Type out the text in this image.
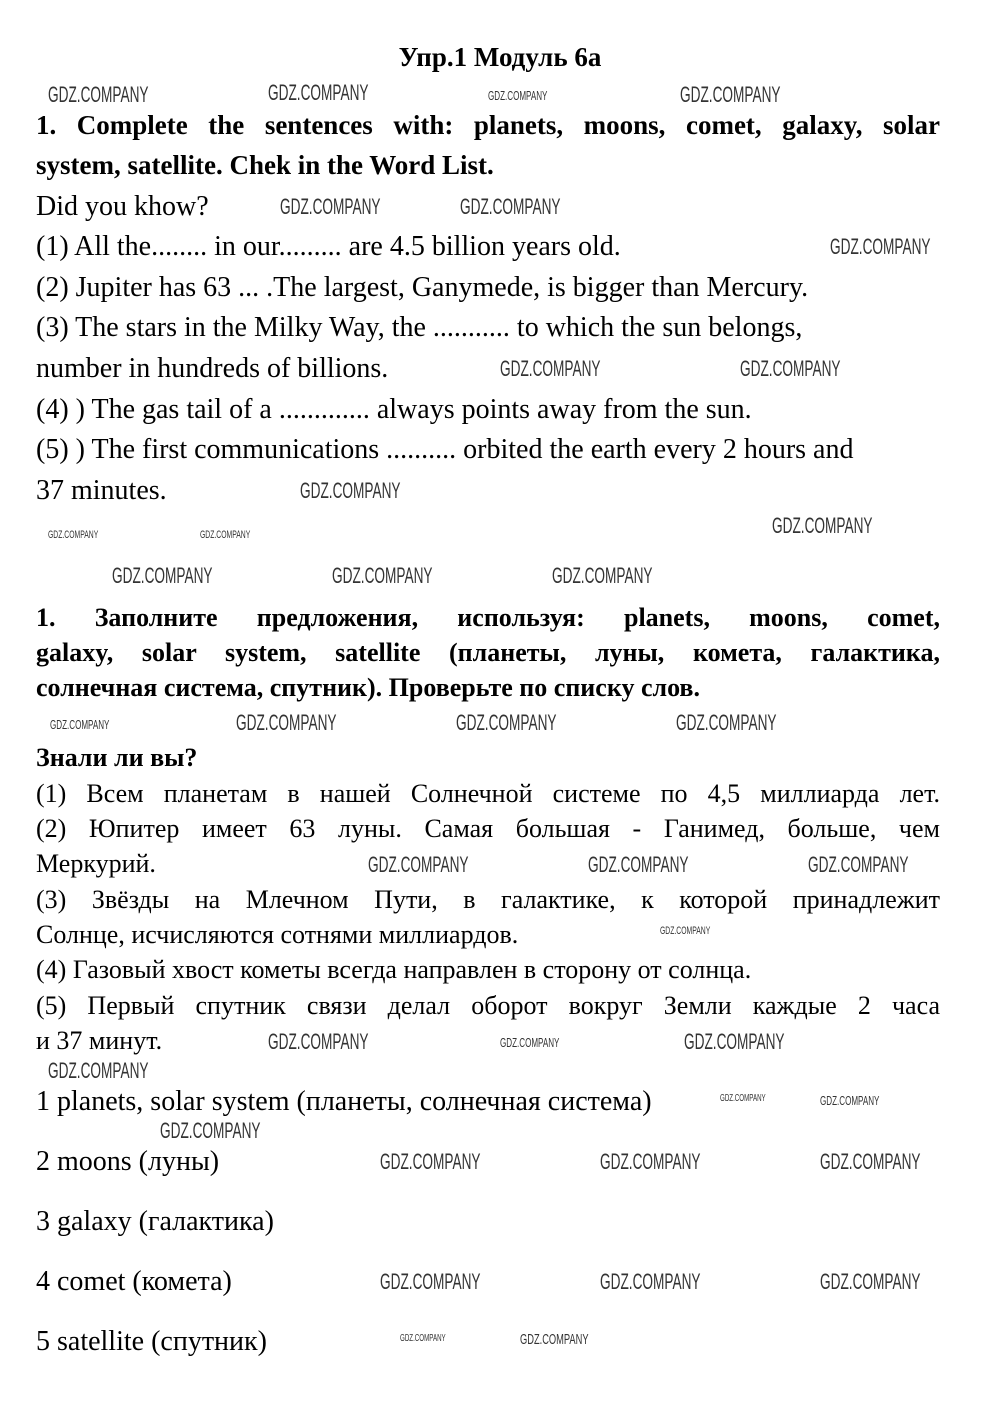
Упр.1 Модуль 6а
1. Complete the sentences with: planets, moons, comet, galaxy, solar
system, satellite. Chek in the Word List.
Did you khow?
(1) All the........ in our......... are 4.5 billion years old.
(2) Jupiter has 63 ... .The largest, Ganymede, is bigger than Mercury.
(3) The stars in the Milky Way, the ........... to which the sun belongs,
number in hundreds of billions.
(4) ) The gas tail of a ............. always points away from the sun.
(5) ) The first communications .......... orbited the earth every 2 hours and
37 minutes.
1. Заполните предложения, используя: planets, moons, comet,
galaxy, solar system, satellite (планеты, луны, комета, галактика,
солнечная система, спутник). Проверьте по списку слов.
Знали ли вы?
(1) Всем планетам в нашей Солнечной системе по 4,5 миллиарда лет.
(2) Юпитер имеет 63 луны. Самая большая - Ганимед, больше, чем
Меркурий.
(3) Звёзды на Млечном Пути, в галактике, к которой принадлежит
Солнце, исчисляются сотнями миллиардов.
(4) Газовый хвост кометы всегда направлен в сторону от солнца.
(5) Первый спутник связи делал оборот вокруг Земли каждые 2 часа
и 37 минут.
1 planets, solar system (планеты, солнечная система)
2 moons (луны)
3 galaxy (галактика)
4 comet (комета)
5 satellite (спутник)
GDZ.COMPANY	GDZ.COMPANY	GDZ.COMPANY	GDZ.COMPANY
GDZ.COMPANY	GDZ.COMPANY
GDZ.COMPANY
GDZ.COMPANY
GDZ.COMPANY
GDZ.COMPANY	GDZ.COMPANY
GDZ.COMPANY
GDZ.COMPANY
GDZ.COMPANY	GDZ.COMPANY	GDZ.COMPANY
GDZ.COMPANY	GDZ.COMPANY	GDZ.COMPANY
GDZ.COMPANY
GDZ.COMPANY	GDZ.COMPANY	GDZ.COMPANY
GDZ.COMPANY	GDZ.COMPANY
GDZ.COMPANY
GDZ.COMPANY	GDZ.COMPANY	GDZ.COMPANY
GDZ.COMPANY
GDZ.COMPANY	GDZ.COMPANY	GDZ.COMPANY
GDZ.COMPANY
GDZ.COMPANY	GDZ.COMPANY	GDZ.COMPANY
GDZ.COMPANY	GDZ.COMPANY
